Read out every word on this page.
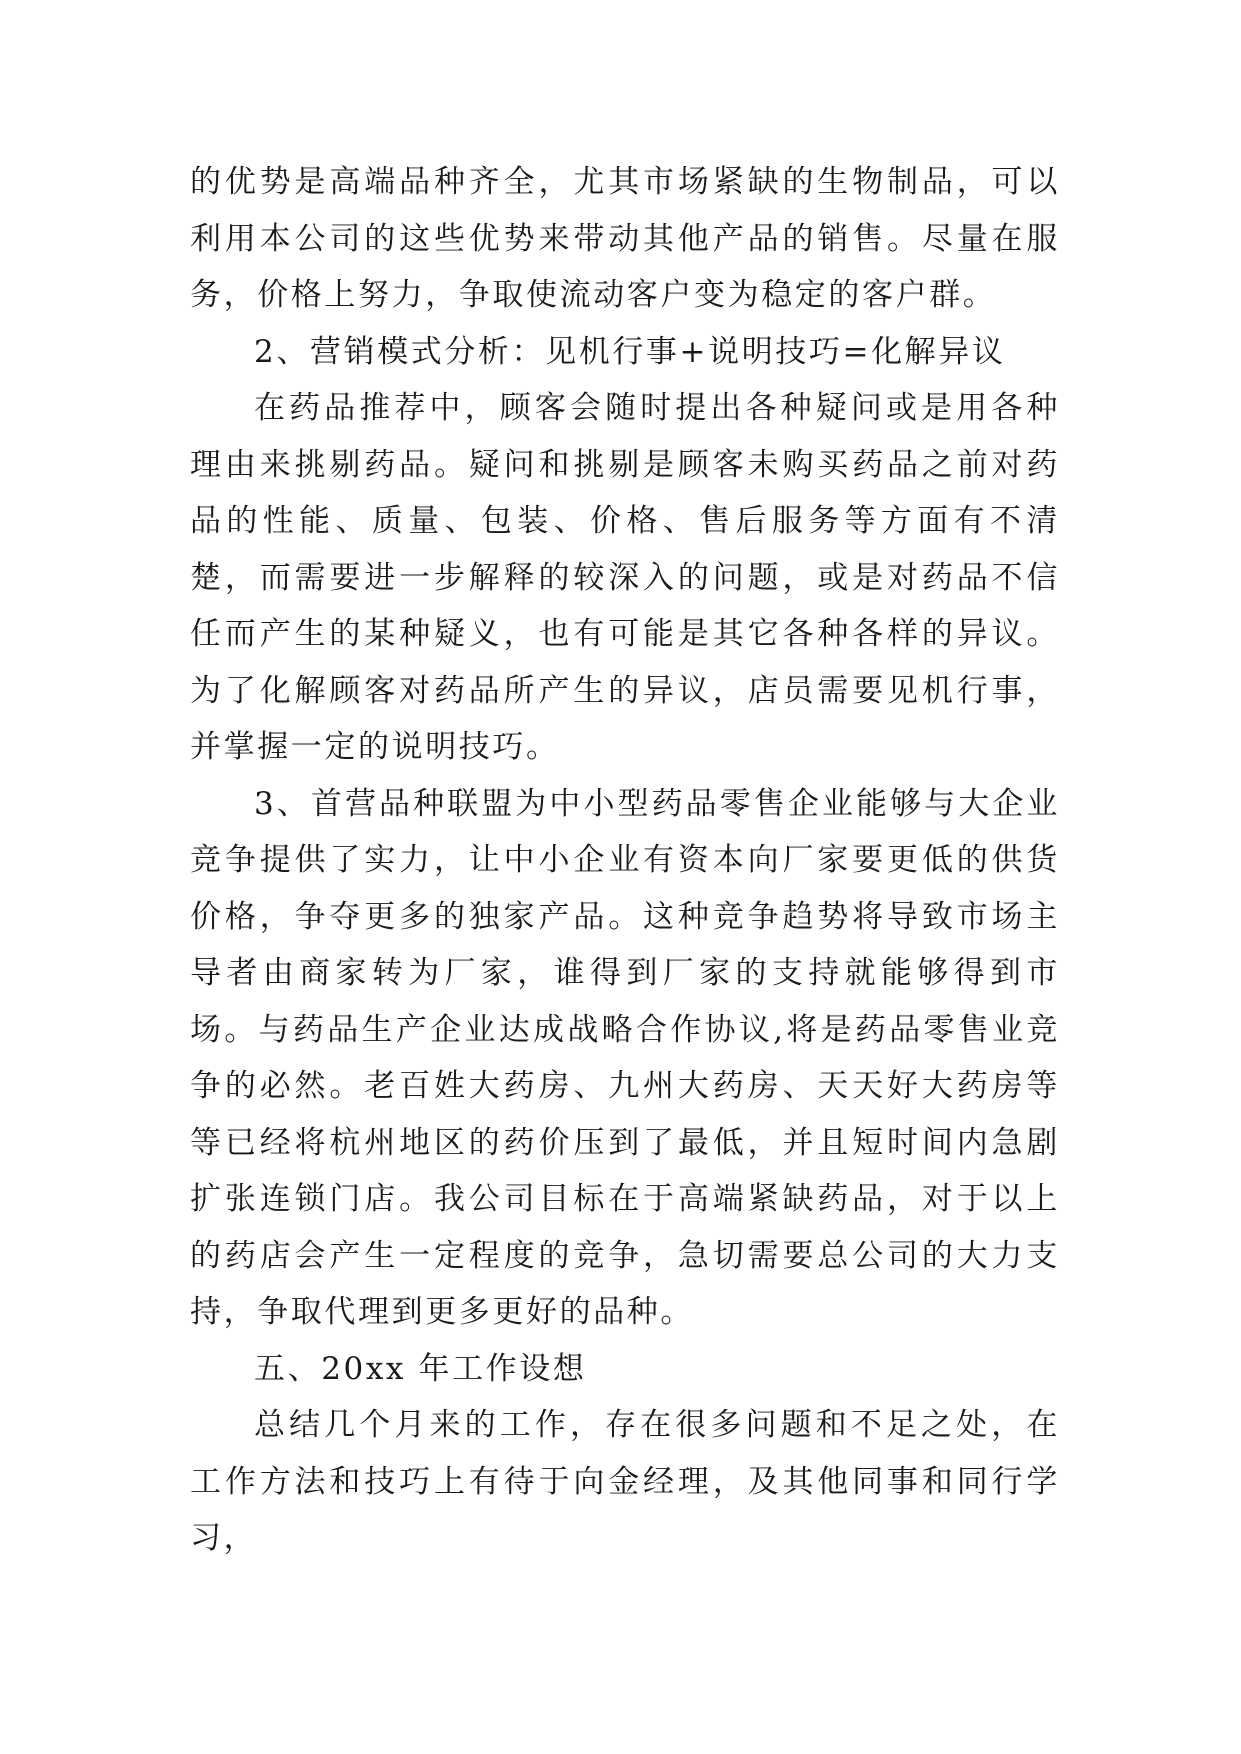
的优势是高端品种齐全，尤其市场紧缺的生物制品，可以利用本公司的这些优势来带动其他产品的销售。尽量在服务，价格上努力，争取使流动客户变为稳定的客户群。

2、营销模式分析：见机行事+说明技巧=化解异议

在药品推荐中，顾客会随时提出各种疑问或是用各种理由来挑剔药品。疑问和挑剔是顾客未购买药品之前对药品的性能、质量、包装、价格、售后服务等方面有不清楚，而需要进一步解释的较深入的问题，或是对药品不信任而产生的某种疑义，也有可能是其它各种各样的异议。为了化解顾客对药品所产生的异议，店员需要见机行事，并掌握一定的说明技巧。

3、首营品种联盟为中小型药品零售企业能够与大企业竞争提供了实力，让中小企业有资本向厂家要更低的供货价格，争夺更多的独家产品。这种竞争趋势将导致市场主导者由商家转为厂家，谁得到厂家的支持就能够得到市场。与药品生产企业达成战略合作协议,将是药品零售业竞争的必然。老百姓大药房、九州大药房、天天好大药房等等已经将杭州地区的药价压到了最低，并且短时间内急剧扩张连锁门店。我公司目标在于高端紧缺药品，对于以上的药店会产生一定程度的竞争，急切需要总公司的大力支持，争取代理到更多更好的品种。

五、20xx 年工作设想

总结几个月来的工作，存在很多问题和不足之处，在工作方法和技巧上有待于向金经理，及其他同事和同行学习，
